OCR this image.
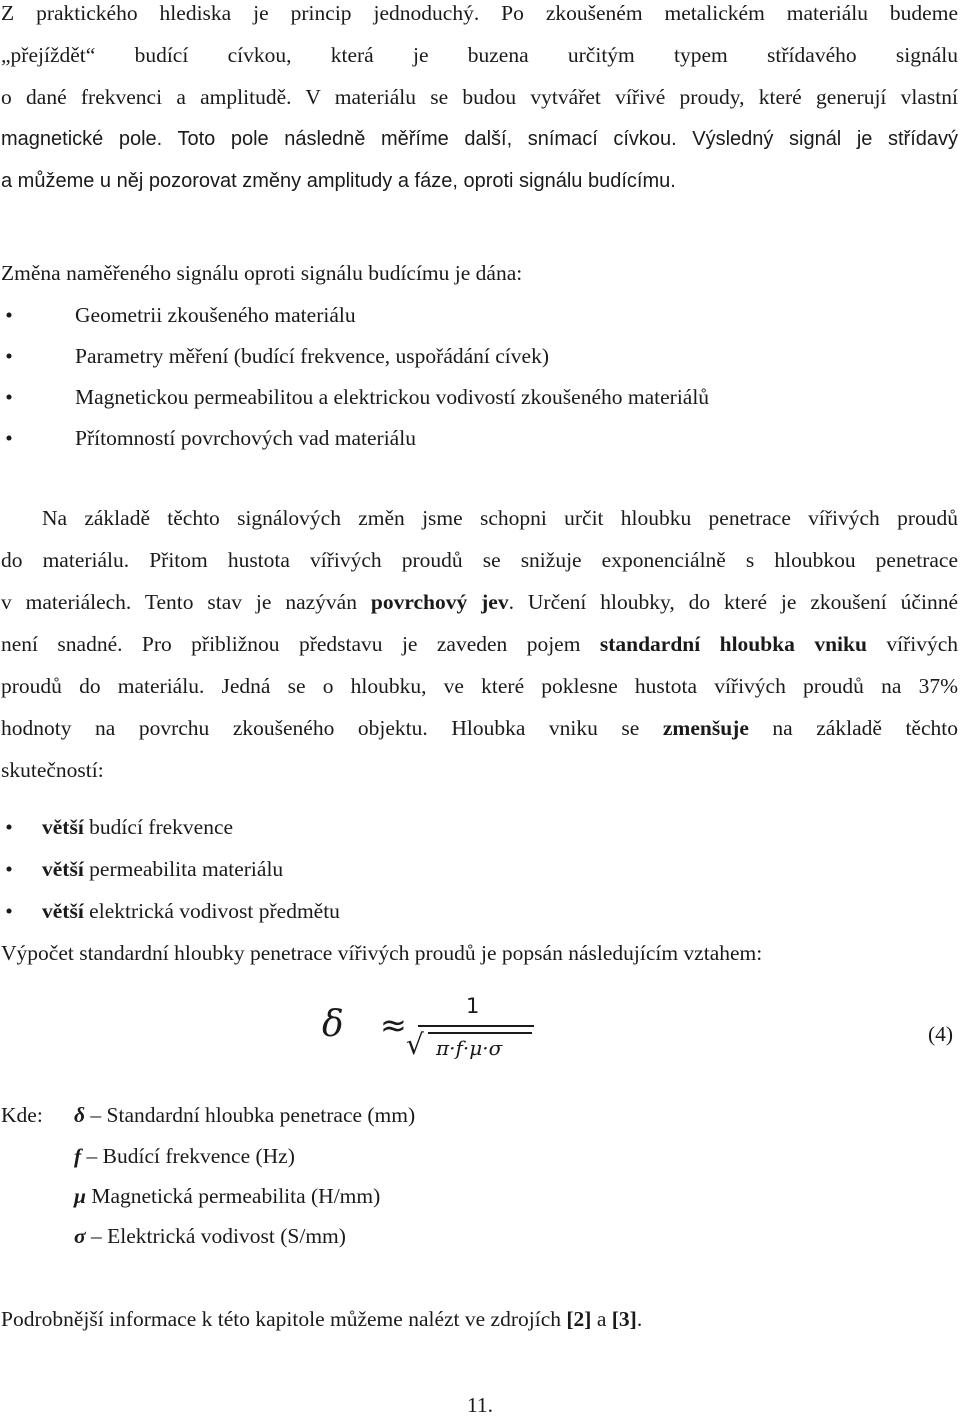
Z praktického hlediska je princip jednoduchý. Po zkoušeném metalickém materiálu budeme
„přejíždět“ budící cívkou, která je buzena určitým typem střídavého signálu
o dané frekvenci a amplitudě. V materiálu se budou vytvářet vířivé proudy, které generují vlastní
magnetické pole. Toto pole následně měříme další, snímací cívkou. Výsledný signál je střídavý
a můžeme u něj pozorovat změny amplitudy a fáze, oproti signálu budícímu.
Změna naměřeného signálu oproti signálu budícímu je dána:
•	Geometrii zkoušeného materiálu
•	Parametry měření (budící frekvence, uspořádání cívek)
•	Magnetickou permeabilitou a elektrickou vodivostí zkoušeného materiálů
•	Přítomností povrchových vad materiálu
Na základě těchto signálových změn jsme schopni určit hloubku penetrace vířivých proudů
do materiálu. Přitom hustota vířivých proudů se snižuje exponenciálně s hloubkou penetrace
v materiálech. Tento stav je nazýván povrchový jev. Určení hloubky, do které je zkoušení účinné
není snadné. Pro přibližnou představu je zaveden pojem standardní hloubka vniku vířivých
proudů do materiálu. Jedná se o hloubku, ve které poklesne hustota vířivých proudů na 37%
hodnoty na povrchu zkoušeného objektu. Hloubka vniku se zmenšuje na základě těchto
skutečností:
• větší budící frekvence
• větší permeabilita materiálu
• větší elektrická vodivost předmětu
Výpočet standardní hloubky penetrace vířivých proudů je popsán následujícím vztahem:
δ ≈	1
√ π·f·μ·σ
(4)
Kde: δ – Standardní hloubka penetrace (mm)
f – Budící frekvence (Hz)
μ Magnetická permeabilita (H/mm)
σ – Elektrická vodivost (S/mm)
Podrobnější informace k této kapitole můžeme nalézt ve zdrojích [2] a [3].
11.
